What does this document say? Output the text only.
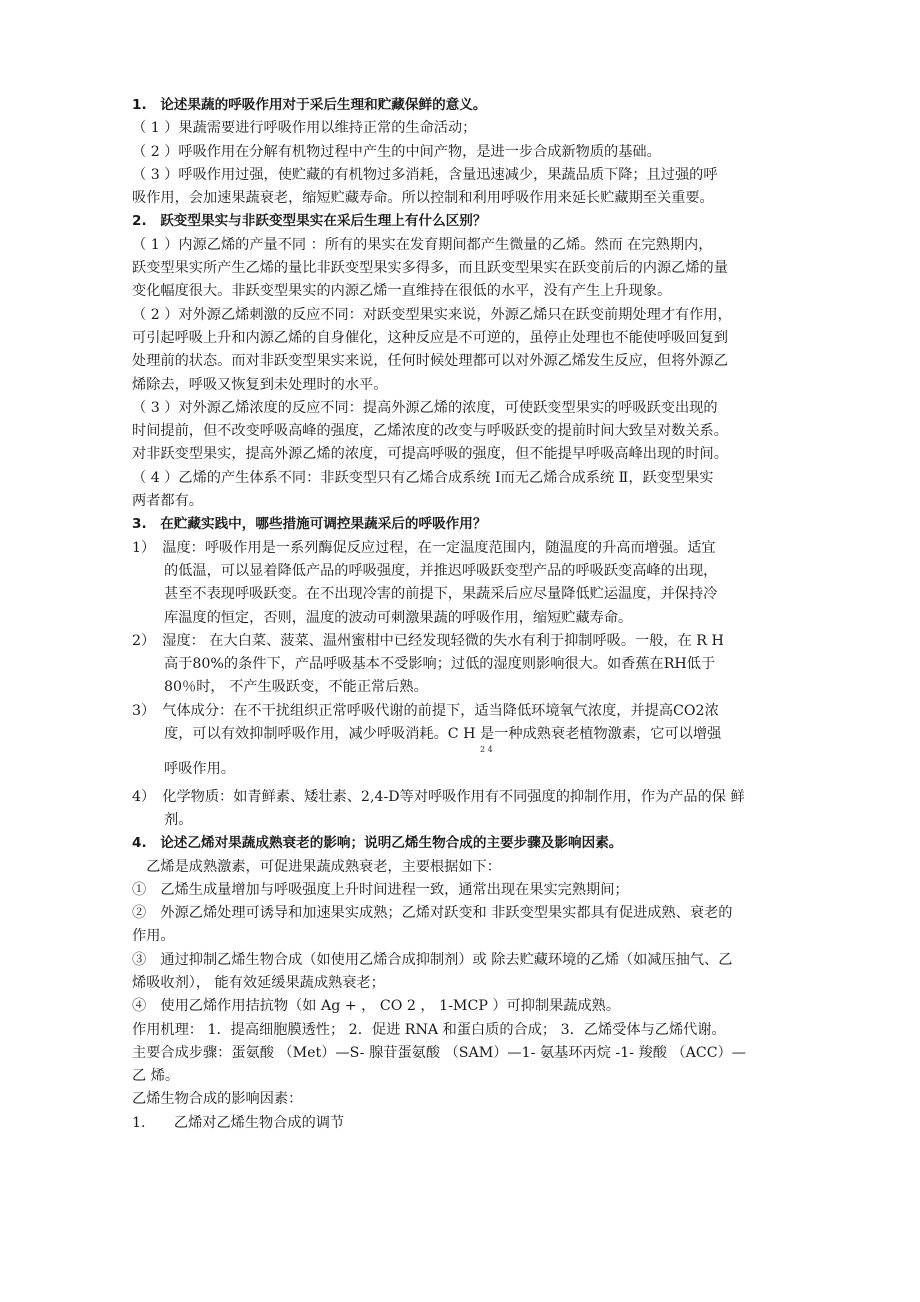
1.　论述果蔬的呼吸作用对于采后生理和贮藏保鲜的意义。
（ 1 ）果蔬需要进行呼吸作用以维持正常的生命活动；
（ 2 ）呼吸作用在分解有机物过程中产生的中间产物，是进一步合成新物质的基础。
（ 3 ）呼吸作用过强，使贮藏的有机物过多消耗，含量迅速减少，果蔬品质下降；且过强的呼
吸作用，会加速果蔬衰老，缩短贮藏寿命。所以控制和利用呼吸作用来延长贮藏期至关重要。
2.　跃变型果实与非跃变型果实在采后生理上有什么区别？
（ 1 ）内源乙烯的产量不同 ：所有的果实在发育期间都产生微量的乙烯。然而 在完熟期内，
跃变型果实所产生乙烯的量比非跃变型果实多得多，而且跃变型果实在跃变前后的内源乙烯的量
变化幅度很大。非跃变型果实的内源乙烯一直维持在很低的水平，没有产生上升现象。
（ 2 ）对外源乙烯刺激的反应不同：对跃变型果实来说，外源乙烯只在跃变前期处理才有作用，
可引起呼吸上升和内源乙烯的自身催化，这种反应是不可逆的，虽停止处理也不能使呼吸回复到
处理前的状态。而对非跃变型果实来说，任何时候处理都可以对外源乙烯发生反应，但将外源乙
烯除去，呼吸又恢复到未处理时的水平。
（ 3 ）对外源乙烯浓度的反应不同：提高外源乙烯的浓度，可使跃变型果实的呼吸跃变出现的
时间提前，但不改变呼吸高峰的强度，乙烯浓度的改变与呼吸跃变的提前时间大致呈对数关系。
对非跃变型果实，提高外源乙烯的浓度，可提高呼吸的强度，但不能提早呼吸高峰出现的时间。
（ 4 ）乙烯的产生体系不同：非跃变型只有乙烯合成系统 Ⅰ而无乙烯合成系统 Ⅱ，跃变型果实
两者都有。
3.　在贮藏实践中，哪些措施可调控果蔬采后的呼吸作用？
1）　温度：呼吸作用是一系列酶促反应过程，在一定温度范围内，随温度的升高而增强。适宜
的低温，可以显着降低产品的呼吸强度，并推迟呼吸跃变型产品的呼吸跃变高峰的出现，
甚至不表现呼吸跃变。在不出现冷害的前提下，果蔬采后应尽量降低贮运温度，并保持冷
库温度的恒定，否则，温度的波动可刺激果蔬的呼吸作用，缩短贮藏寿命。
2）　湿度： 在大白菜、菠菜、温州蜜柑中已经发现轻微的失水有利于抑制呼吸。一般，在 R H
高于80%的条件下，产品呼吸基本不受影响；过低的湿度则影响很大。如香蕉在RH低于
80％时， 不产生吸跃变，不能正常后熟。
3）　气体成分：在不干扰组织正常呼吸代谢的前提下，适当降低环境氧气浓度，并提高CO2浓
度，可以有效抑制呼吸作用，减少呼吸消耗。C H 是一种成熟衰老植物激素，它可以增强
2 4
呼吸作用。
4）　化学物质：如青鲜素、矮壮素、2,4-D等对呼吸作用有不同强度的抑制作用，作为产品的保 鲜
剂。
4.　论述乙烯对果蔬成熟衰老的影响；说明乙烯生物合成的主要步骤及影响因素。
　乙烯是成熟激素，可促进果蔬成熟衰老，主要根据如下：
①　乙烯生成量增加与呼吸强度上升时间进程一致，通常出现在果实完熟期间；
②　外源乙烯处理可诱导和加速果实成熟；乙烯对跃变和 非跃变型果实都具有促进成熟、衰老的
作用。
③　通过抑制乙烯生物合成（如使用乙烯合成抑制剂）或 除去贮藏环境的乙烯（如减压抽气、乙
烯吸收剂）， 能有效延缓果蔬成熟衰老；
④　使用乙烯作用拮抗物（如 Ag + ， CO 2 ， 1-MCP ）可抑制果蔬成熟。
作用机理： 1．提高细胞膜透性； 2．促进 RNA 和蛋白质的合成； 3．乙烯受体与乙烯代谢。
主要合成步骤：蛋氨酸 （Met）—S- 腺苷蛋氨酸 （SAM）—1- 氨基环丙烷 -1- 羧酸 （ACC）—
乙 烯。
乙烯生物合成的影响因素：
1.　　乙烯对乙烯生物合成的调节
